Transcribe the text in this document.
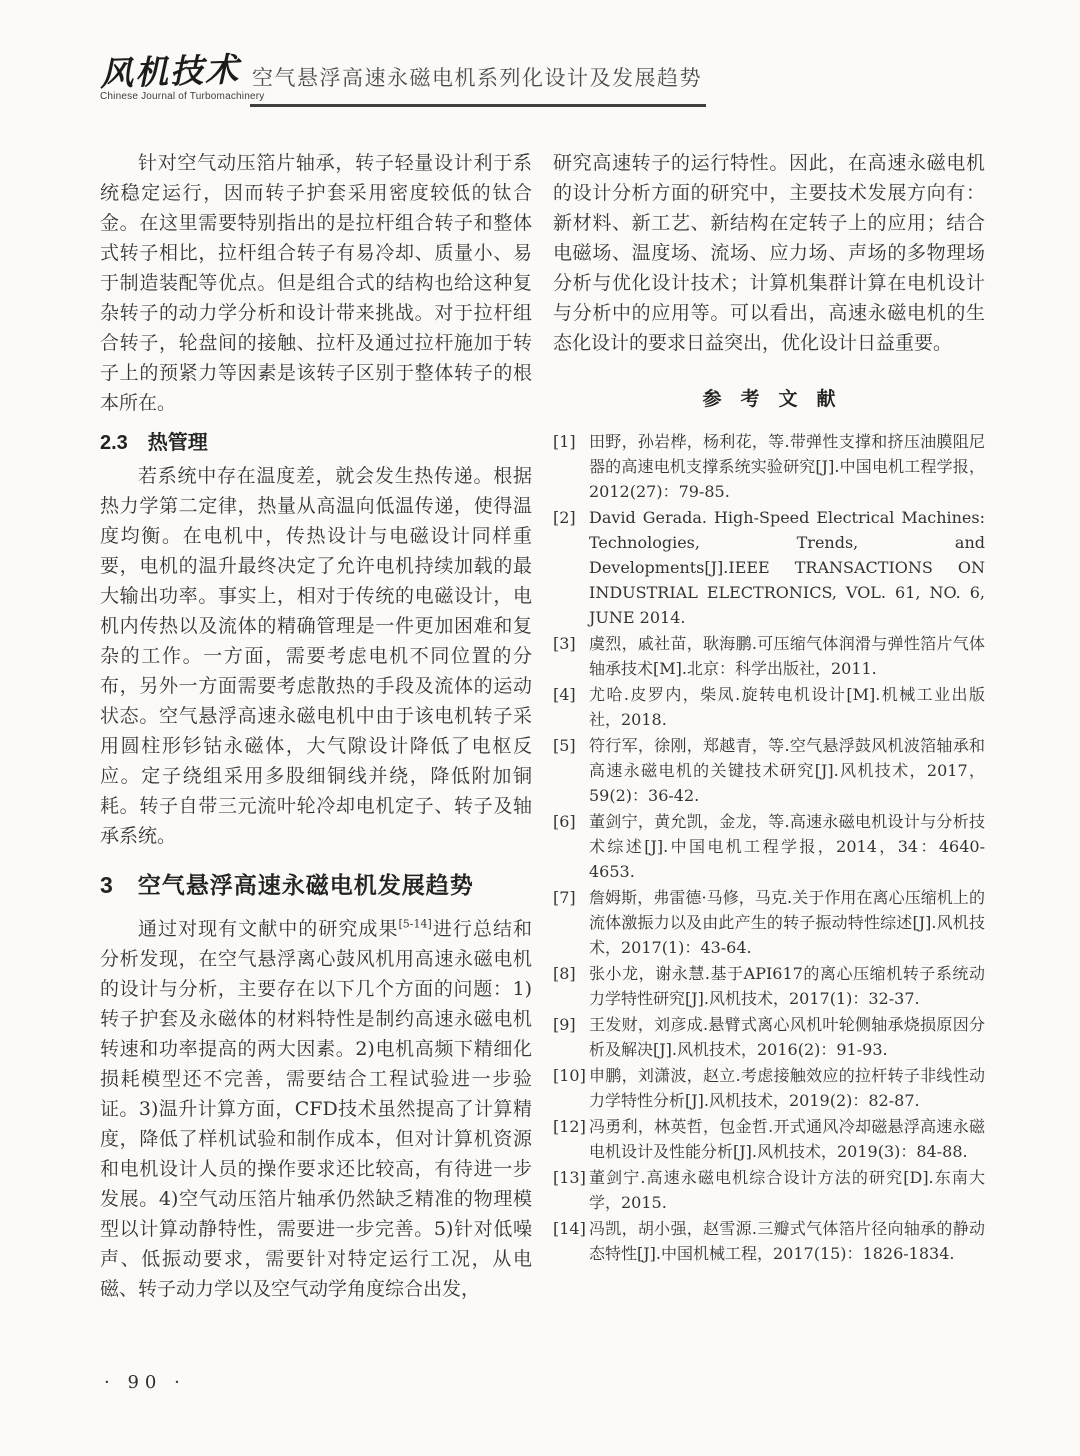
风机技术
Chinese Journal of Turbomachinery
空气悬浮高速永磁电机系列化设计及发展趋势

针对空气动压箔片轴承，转子轻量设计利于系统稳定运行，因而转子护套采用密度较低的钛合金。在这里需要特别指出的是拉杆组合转子和整体式转子相比，拉杆组合转子有易冷却、质量小、易于制造装配等优点。但是组合式的结构也给这种复杂转子的动力学分析和设计带来挑战。对于拉杆组合转子，轮盘间的接触、拉杆及通过拉杆施加于转子上的预紧力等因素是该转子区别于整体转子的根本所在。

2.3　热管理

若系统中存在温度差，就会发生热传递。根据热力学第二定律，热量从高温向低温传递，使得温度均衡。在电机中，传热设计与电磁设计同样重要，电机的温升最终决定了允许电机持续加载的最大输出功率。事实上，相对于传统的电磁设计，电机内传热以及流体的精确管理是一件更加困难和复杂的工作。一方面，需要考虑电机不同位置的分布，另外一方面需要考虑散热的手段及流体的运动状态。空气悬浮高速永磁电机中由于该电机转子采用圆柱形钐钴永磁体，大气隙设计降低了电枢反应。定子绕组采用多股细铜线并绕，降低附加铜耗。转子自带三元流叶轮冷却电机定子、转子及轴承系统。

3　空气悬浮高速永磁电机发展趋势

通过对现有文献中的研究成果[5-14]进行总结和分析发现，在空气悬浮离心鼓风机用高速永磁电机的设计与分析，主要存在以下几个方面的问题：1)转子护套及永磁体的材料特性是制约高速永磁电机转速和功率提高的两大因素。2)电机高频下精细化损耗模型还不完善，需要结合工程试验进一步验证。3)温升计算方面，CFD技术虽然提高了计算精度，降低了样机试验和制作成本，但对计算机资源和电机设计人员的操作要求还比较高，有待进一步发展。4)空气动压箔片轴承仍然缺乏精准的物理模型以计算动静特性，需要进一步完善。5)针对低噪声、低振动要求，需要针对特定运行工况，从电磁、转子动力学以及空气动学角度综合出发，

研究高速转子的运行特性。因此，在高速永磁电机的设计分析方面的研究中，主要技术发展方向有：新材料、新工艺、新结构在定转子上的应用；结合电磁场、温度场、流场、应力场、声场的多物理场分析与优化设计技术；计算机集群计算在电机设计与分析中的应用等。可以看出，高速永磁电机的生态化设计的要求日益突出，优化设计日益重要。

参　考　文　献
[1] 田野，孙岩桦，杨利花，等.带弹性支撑和挤压油膜阻尼器的高速电机支撑系统实验研究[J].中国电机工程学报，2012(27)：79-85.
[2] David Gerada. High-Speed Electrical Machines: Technologies, Trends, and Developments[J].IEEE TRANSACTIONS ON INDUSTRIAL ELECTRONICS, VOL. 61, NO. 6, JUNE 2014.
[3] 虞烈，戚社苗，耿海鹏.可压缩气体润滑与弹性箔片气体轴承技术[M].北京：科学出版社，2011.
[4] 尤哈.皮罗内，柴凤.旋转电机设计[M].机械工业出版社，2018.
[5] 符行军，徐刚，郑越青，等.空气悬浮鼓风机波箔轴承和高速永磁电机的关键技术研究[J].风机技术，2017，59(2)：36-42.
[6] 董剑宁，黄允凯，金龙，等.高速永磁电机设计与分析技术综述[J].中国电机工程学报，2014，34：4640-4653.
[7] 詹姆斯，弗雷德·马修，马克.关于作用在离心压缩机上的流体激振力以及由此产生的转子振动特性综述[J].风机技术，2017(1)：43-64.
[8] 张小龙，谢永慧.基于API617的离心压缩机转子系统动力学特性研究[J].风机技术，2017(1)：32-37.
[9] 王发财，刘彦成.悬臂式离心风机叶轮侧轴承烧损原因分析及解决[J].风机技术，2016(2)：91-93.
[10] 申鹏，刘潇波，赵立.考虑接触效应的拉杆转子非线性动力学特性分析[J].风机技术，2019(2)：82-87.
[12] 冯勇利，林英哲，包金哲.开式通风冷却磁悬浮高速永磁电机设计及性能分析[J].风机技术，2019(3)：84-88.
[13] 董剑宁.高速永磁电机综合设计方法的研究[D].东南大学，2015.
[14] 冯凯，胡小强，赵雪源.三瓣式气体箔片径向轴承的静动态特性[J].中国机械工程，2017(15)：1826-1834.
· 90 ·
